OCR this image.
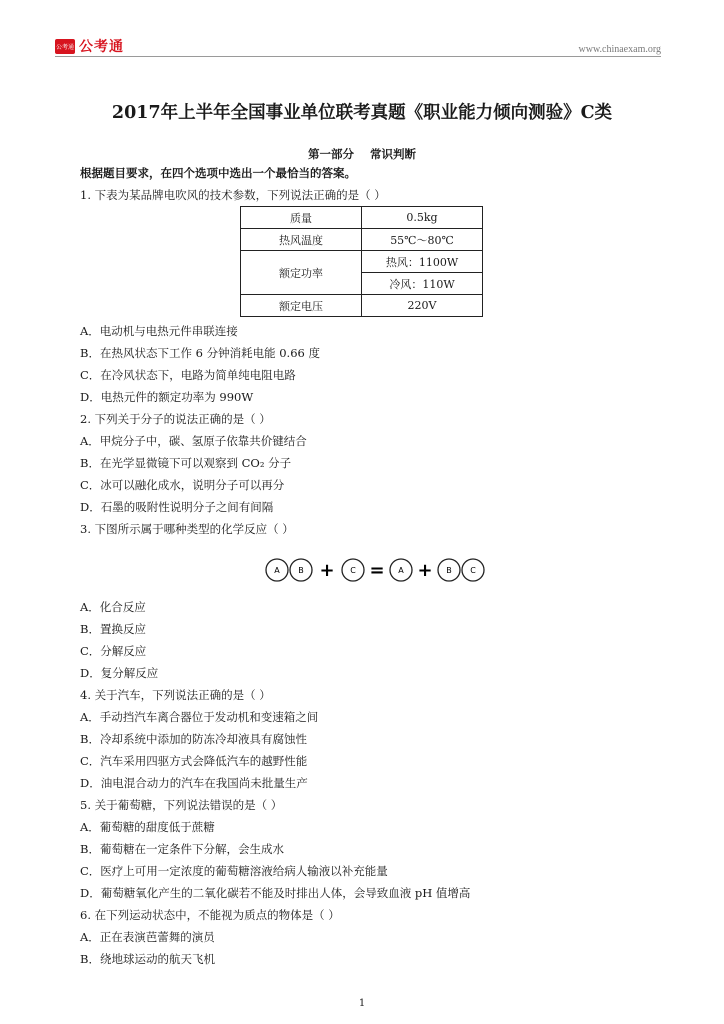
公考通 公考通	www.chinaexam.org
2017年上半年全国事业单位联考真题《职业能力倾向测验》C类
第一部分 常识判断
根据题目要求，在四个选项中选出一个最恰当的答案。
1. 下表为某品牌电吹风的技术参数，下列说法正确的是（ ）
质量	0.5kg
热风温度	55℃～80℃
额定功率	热风：1100W
	冷风：110W
额定电压	220V
A．电动机与电热元件串联连接
B．在热风状态下工作 6 分钟消耗电能 0.66 度
C．在冷风状态下，电路为简单纯电阻电路
D．电热元件的额定功率为 990W
2. 下列关于分子的说法正确的是（ ）
A．甲烷分子中，碳、氢原子依靠共价键结合
B．在光学显微镜下可以观察到 CO₂ 分子
C．冰可以融化成水，说明分子可以再分
D．石墨的吸附性说明分子之间有间隔
3. 下图所示属于哪种类型的化学反应（ ）
A B	C	A	B C
+ = +
A．化合反应
B．置换反应
C．分解反应
D．复分解反应
4. 关于汽车，下列说法正确的是（ ）
A．手动挡汽车离合器位于发动机和变速箱之间
B．冷却系统中添加的防冻冷却液具有腐蚀性
C．汽车采用四驱方式会降低汽车的越野性能
D．油电混合动力的汽车在我国尚未批量生产
5. 关于葡萄糖，下列说法错误的是（ ）
A．葡萄糖的甜度低于蔗糖
B．葡萄糖在一定条件下分解，会生成水
C．医疗上可用一定浓度的葡萄糖溶液给病人输液以补充能量
D．葡萄糖氧化产生的二氧化碳若不能及时排出人体，会导致血液 pH 值增高
6. 在下列运动状态中，不能视为质点的物体是（ ）
A．正在表演芭蕾舞的演员
B．绕地球运动的航天飞机
1
